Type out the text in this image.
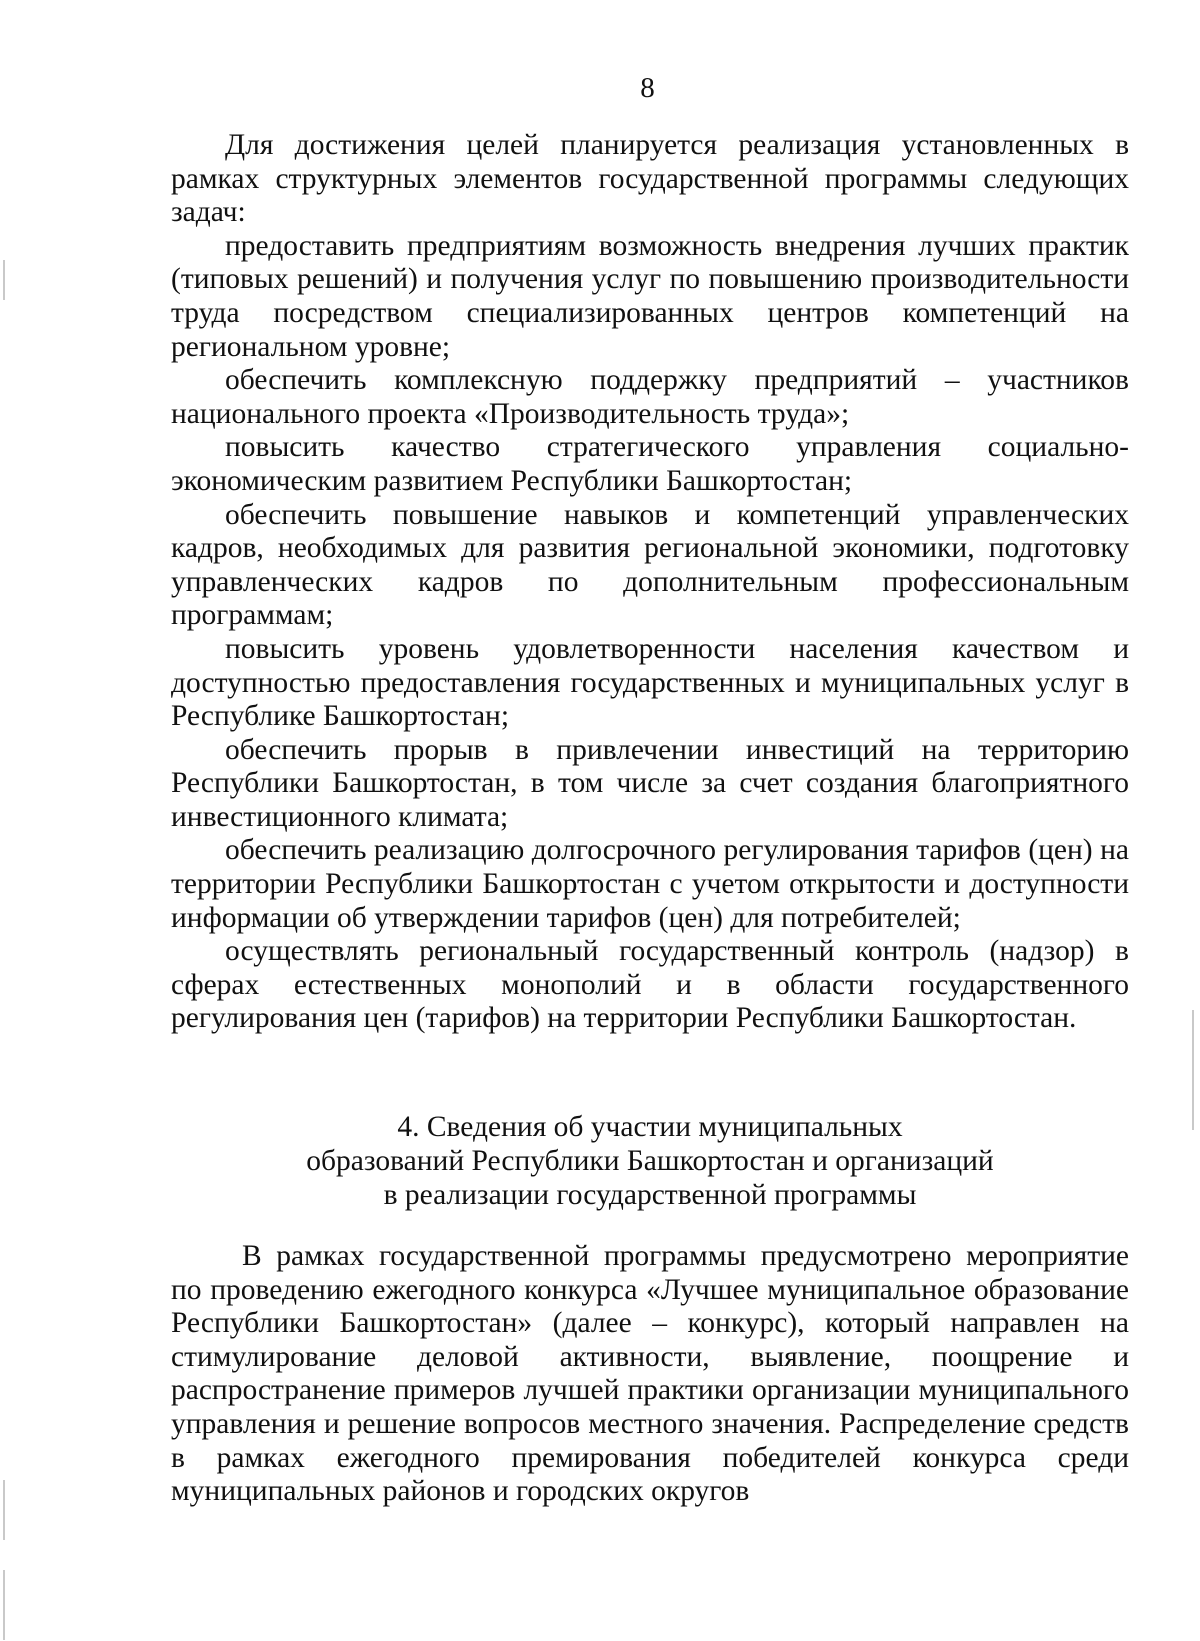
8

Для достижения целей планируется реализация установленных в рамках структурных элементов государственной программы следующих задач:

предоставить предприятиям возможность внедрения лучших практик (типовых решений) и получения услуг по повышению производительности труда посредством специализированных центров компетенций на региональном уровне;

обеспечить комплексную поддержку предприятий – участников национального проекта «Производительность труда»;

повысить качество стратегического управления социально-экономическим развитием Республики Башкортостан;

обеспечить повышение навыков и компетенций управленческих кадров, необходимых для развития региональной экономики, подготовку управленческих кадров по дополнительным профессиональным программам;

повысить уровень удовлетворенности населения качеством и доступностью предоставления государственных и муниципальных услуг в Республике Башкортостан;

обеспечить прорыв в привлечении инвестиций на территорию Республики Башкортостан, в том числе за счет создания благоприятного инвестиционного климата;

обеспечить реализацию долгосрочного регулирования тарифов (цен) на территории Республики Башкортостан с учетом открытости и доступности информации об утверждении тарифов (цен) для потребителей;

осуществлять региональный государственный контроль (надзор) в сферах естественных монополий и в области государственного регулирования цен (тарифов) на территории Республики Башкортостан.

4. Сведения об участии муниципальных
образований Республики Башкортостан и организаций
в реализации государственной программы

В рамках государственной программы предусмотрено мероприятие по проведению ежегодного конкурса «Лучшее муниципальное образование Республики Башкортостан» (далее – конкурс), который направлен на стимулирование деловой активности, выявление, поощрение и распространение примеров лучшей практики организации муниципального управления и решение вопросов местного значения. Распределение средств в рамках ежегодного премирования победителей конкурса среди муниципальных районов и городских округов
